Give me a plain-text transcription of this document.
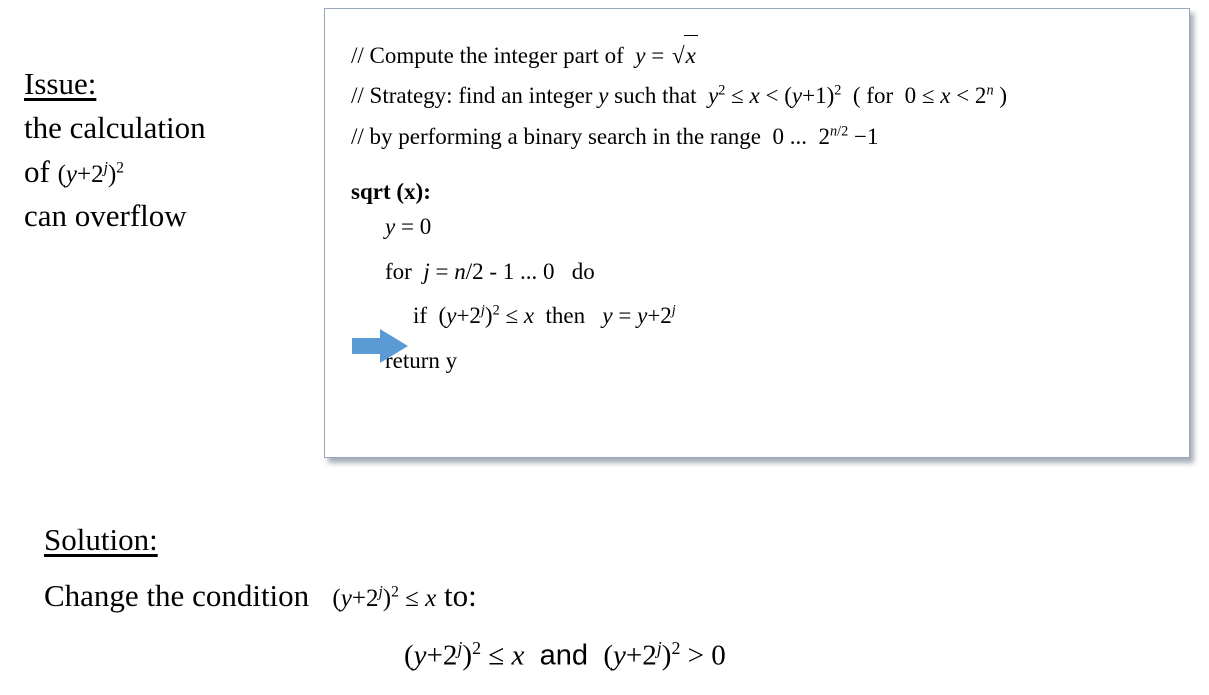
Issue:
the calculation
of $(y+2^j)^2$
can overflow
// Compute the integer part of  y = √x
// Strategy: find an integer y such that  $y^2 \le x < (y+1)^2$  ( for  $0 \le x < 2^n$ )
// by performing a binary search in the range  0 ...  $2^{n/2} -1$
sqrt (x):
y = 0
for  j = n/2 - 1 ... 0   do
if  $(y+2^j)^2 \le x$  then   $y = y+2^j$
return y
Solution:
Change the condition   $(y+2^j)^2 \le x$ to:
$(y+2^j)^2 \le x$  and  $(y+2^j)^2 > 0$
